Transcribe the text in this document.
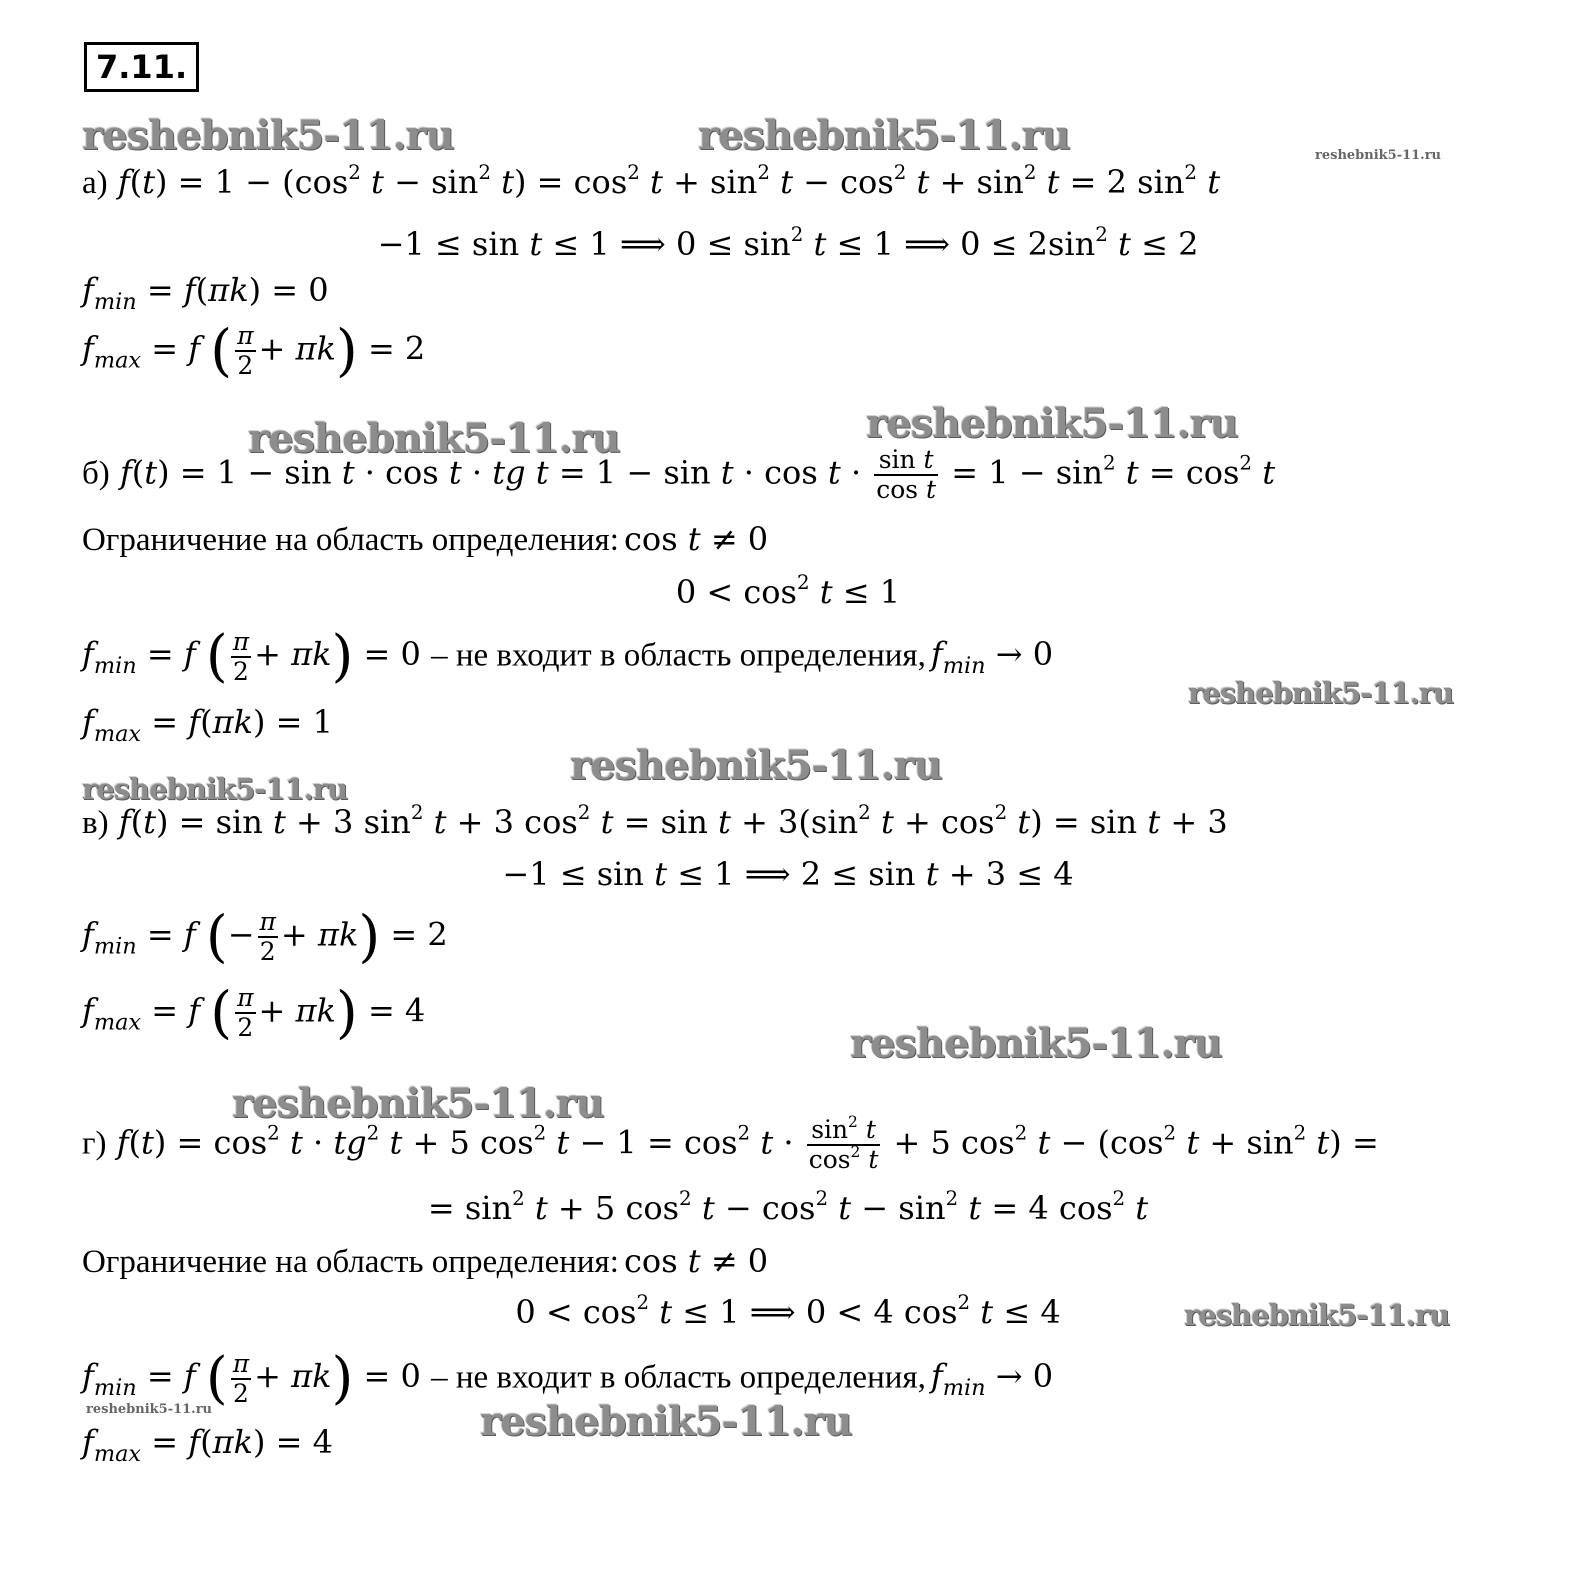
7.11.
reshebnik5-11.ru	reshebnik5-11.ru	reshebnik5-11.ru
reshebnik5-11.ru	reshebnik5-11.ru
reshebnik5-11.ru
reshebnik5-11.ru
reshebnik5-11.ru
reshebnik5-11.ru
reshebnik5-11.ru
reshebnik5-11.ru
reshebnik5-11.ru	reshebnik5-11.ru
а) $f(t) = 1 - (\cos^2$ $t - \sin^2 t) = \cos^2 t + \sin^2 t - \cos^2 t + \sin^2 t = 2$ $\sin^2 t$
−1 ≤ sin t ≤ 1 ⟹ $0 \le \sin^2 t \le 1$ ⟹ $0 \le 2\sin^2$ t ≤ 2
$f_{min} = f(\pi k) = 0$
$f_{max} = f$ ( $\frac{\pi}{2} + \pi k) = 2$
б) f(t) = 1 − sin t · cos t · tg $t = 1 - \sin t \cdot \cos t \cdot \frac{\text{sin t}}{\text{cos t}} = 1 - \sin^2 t = \cos^2 t$
Ограничение на область определения: cos t ≠ 0
$0 < \cos^2 t \le 1$
$f_{min} = f$ ( $\frac{\pi}{2} + \pi k) = 0$ – не входит в область определения, $f_{min} \to 0$
$f_{max} = f(\pi k) = 1$
в) f(t) = sin t + 3 $\sin^2 t + 3$ $\cos^2 t = \sin t + 3(\sin^2$ $t + \cos^2 t) = \sin t + 3$
−1 ≤ sin t ≤ 1 ⟹ 2 ≤ sin t + 3 ≤ 4
$f_{min} = f$ (− $\frac{\pi}{2} + \pi k) = 2$
$f_{max} = f$ ( $\frac{\pi}{2} + \pi k) = 4$
г) $f(t) = \cos^2 t \cdot tg^2$ t + 5 $\cos^2 t - 1 = \cos^2 t \cdot \frac{\sin^2 t}{\cos^2 t} + 5$ $\cos^2 t - (\cos^2$ $t + \sin^2 t$) =
= $\sin^2 t + 5$ $\cos^2 t - \cos^2 t - \sin^2 t = 4$ $\cos^2 t$
Ограничение на область определения: cos t ≠ 0
$0 < \cos^2 t \le 1$ ⟹ 0 < 4 $\cos^2 t \le 4$
$f_{min} = f$ ( $\frac{\pi}{2} + \pi k) = 0$ – не входит в область определения, $f_{min} \to 0$
$f_{max} = f(\pi k) = 4$
